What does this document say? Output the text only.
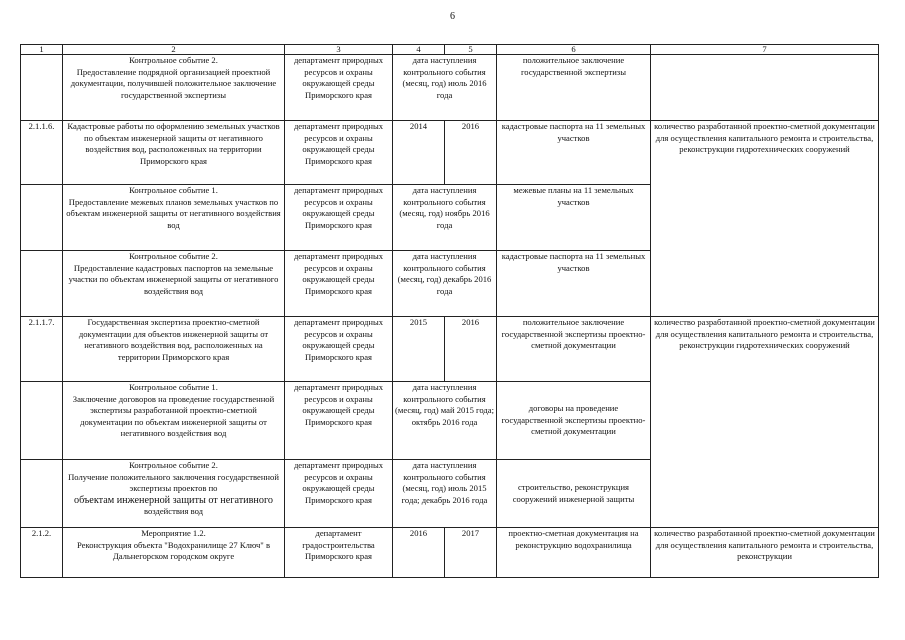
6
1	2	3	4	5	6	7

	Контрольное событие 2.
Предоставление подрядной организацией проектной документации, получившей положительное заключение государственной экспертизы	департамент природных ресурсов и охраны окружающей среды Приморского края	дата наступления контрольного события (месяц, год) июль 2016 года		положительное заключение государственной экспертизы	
2.1.1.6.	Кадастровые работы по оформлению земельных участков по объектам инженерной защиты от негативного воздействия вод, расположенных на территории Приморского края	департамент природных ресурсов и охраны окружающей среды Приморского края	2014	2016	кадастровые паспорта на 11 земельных участков	количество разработанной проектно-сметной документации для осуществления капитального ремонта и строительства, реконструкции гидротехнических сооружений

	Контрольное событие 1.
Предоставление межевых планов земельных участков по объектам инженерной защиты от негативного воздействия вод	департамент природных ресурсов и охраны окружающей среды Приморского края	дата наступления контрольного события (месяц, год) ноябрь 2016 года		межевые планы на 11 земельных участков	

	Контрольное событие 2.
Предоставление кадастровых паспортов на земельные участки по объектам инженерной защиты от негативного воздействия вод	департамент природных ресурсов и охраны окружающей среды Приморского края	дата наступления контрольного события (месяц, год) декабрь 2016 года		кадастровые паспорта на 11 земельных участков	
2.1.1.7.	Государственная экспертиза проектно-сметной документации для объектов инженерной защиты от негативного воздействия вод, расположенных на территории Приморского края	департамент природных ресурсов и охраны окружающей среды Приморского края	2015	2016	положительное заключение государственной экспертизы проектно-сметной документации	количество разработанной проектно-сметной документации для осуществления капитального ремонта и строительства, реконструкции гидротехнических сооружений

	Контрольное событие 1.
Заключение договоров на проведение государственной экспертизы разработанной проектно-сметной документации по объектам инженерной защиты от негативного воздействия вод	департамент природных ресурсов и охраны окружающей среды Приморского края	дата наступления контрольного события (месяц, год) май 2015 года; октябрь 2016 года		договоры на проведение государственной экспертизы проектно-сметной документации	

	Контрольное событие 2.
Получение положительного заключения государственной экспертизы проектов по
объектам инженерной защиты от негативного
воздействия вод	департамент природных ресурсов и охраны окружающей среды Приморского края	дата наступления контрольного события (месяц, год) июль 2015 года; декабрь 2016 года		строительство, реконструкция сооружений инженерной защиты	
2.1.2.	Мероприятие 1.2.
Реконструкция объекта "Водохранилище 27 Ключ" в Дальнегорском городском округе	департамент градостроительства Приморского края	2016	2017	проектно-сметная документация на реконструкцию водохранилища	количество разработанной проектно-сметной документации для осуществления капитального ремонта и строительства, реконструкции
